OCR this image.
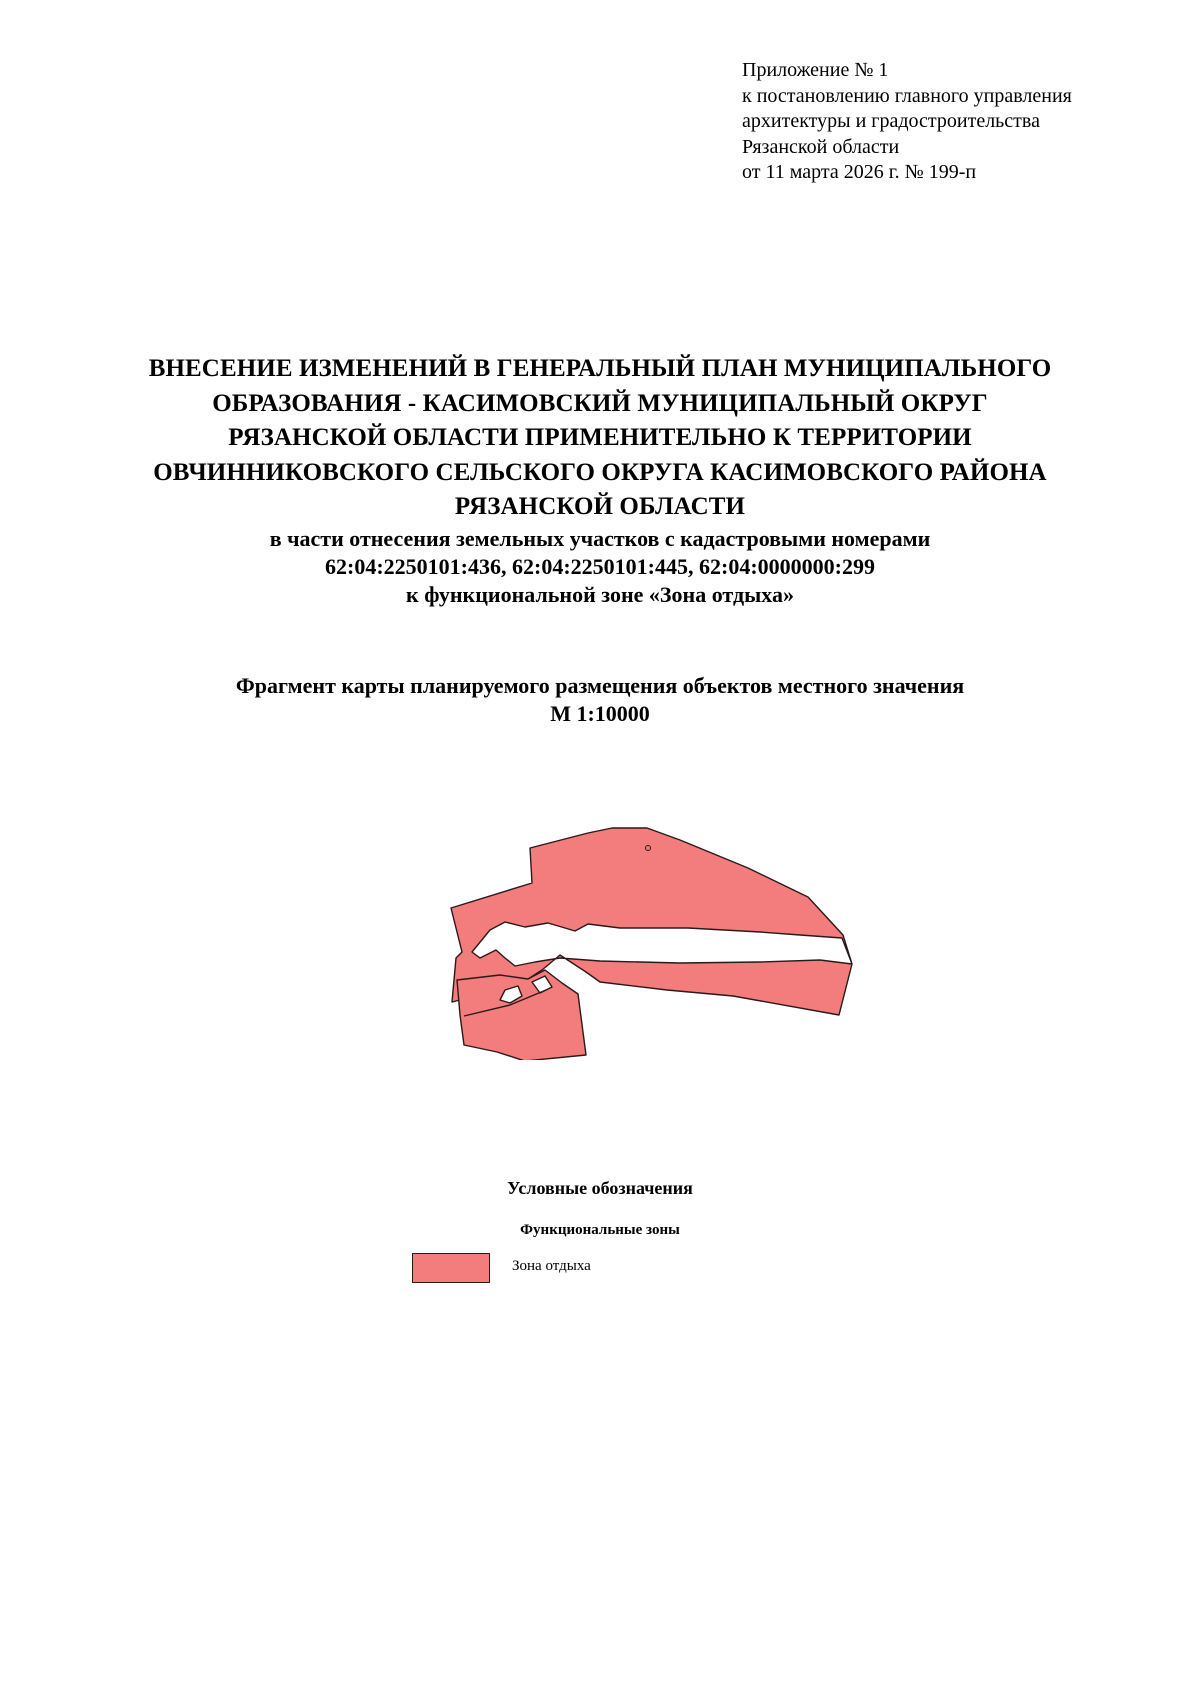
Приложение № 1
к постановлению главного управления
архитектуры и градостроительства
Рязанской области
от 11 марта 2026 г. № 199-п
ВНЕСЕНИЕ ИЗМЕНЕНИЙ В ГЕНЕРАЛЬНЫЙ ПЛАН МУНИЦИПАЛЬНОГО
ОБРАЗОВАНИЯ - КАСИМОВСКИЙ МУНИЦИПАЛЬНЫЙ ОКРУГ
РЯЗАНСКОЙ ОБЛАСТИ ПРИМЕНИТЕЛЬНО К ТЕРРИТОРИИ
ОВЧИННИКОВСКОГО СЕЛЬСКОГО ОКРУГА КАСИМОВСКОГО РАЙОНА
РЯЗАНСКОЙ ОБЛАСТИ
в части отнесения земельных участков с кадастровыми номерами
62:04:2250101:436, 62:04:2250101:445, 62:04:0000000:299
к функциональной зоне «Зона отдыха»
Фрагмент карты планируемого размещения объектов местного значения
М 1:10000
Условные обозначения
Функциональные зоны
Зона отдыха
